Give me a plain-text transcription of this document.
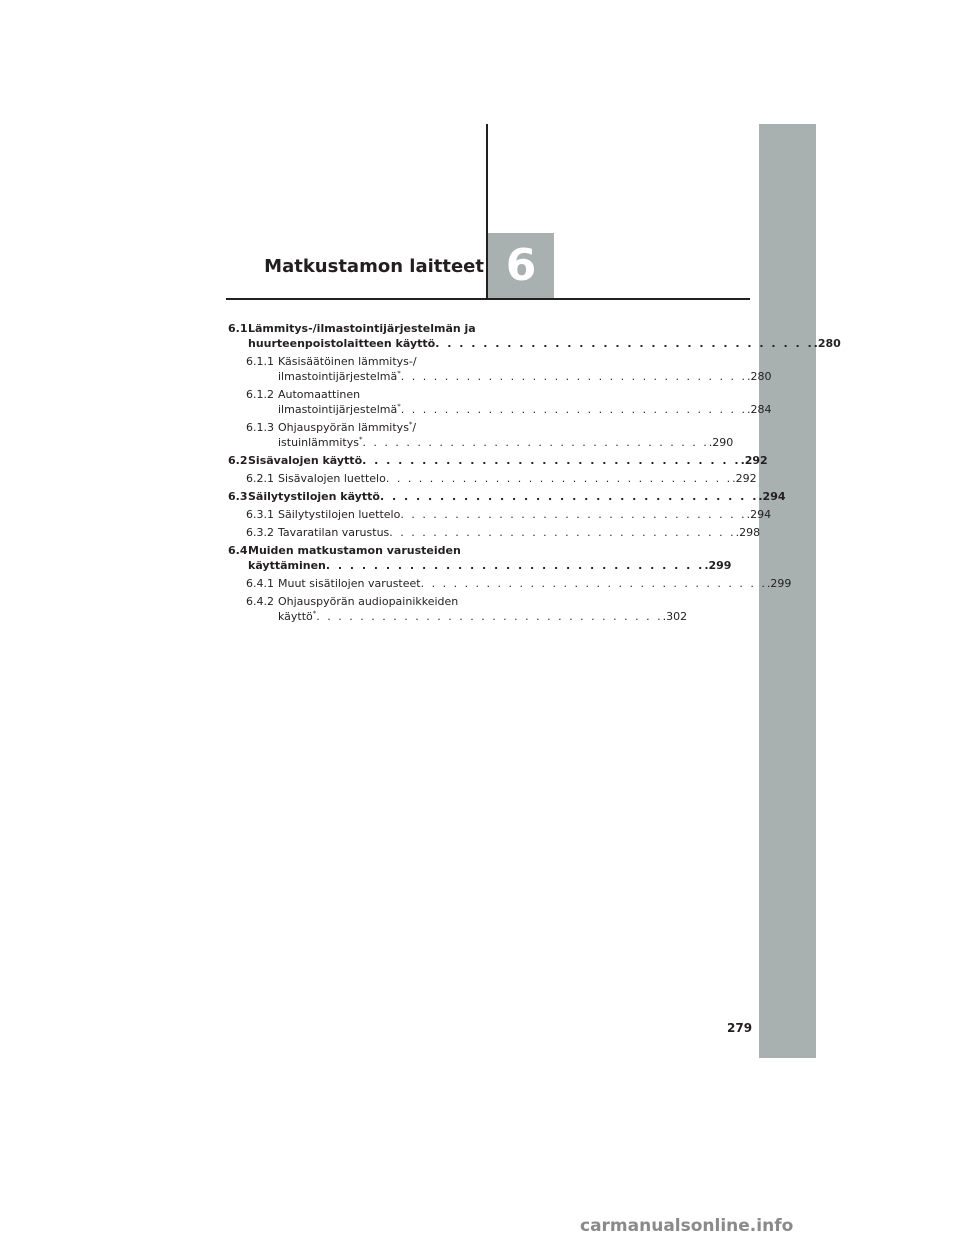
6
Matkustamon laitteet
6.1 Lämmitys-/ilmastointijärjestelmän ja
huurteenpoistolaitteen käyttö . . . . . . . . . . . . . . . . . . . . . . . . . . . . . . . . .280
6.1.1 Käsisäätöinen lämmitys-/
ilmastointijärjestelmä* . . . . . . . . . . . . . . . . . . . . . . . . . . . . . . . . .280
6.1.2 Automaattinen
ilmastointijärjestelmä* . . . . . . . . . . . . . . . . . . . . . . . . . . . . . . . . .284
6.1.3 Ohjauspyörän lämmitys*/
istuinlämmitys* . . . . . . . . . . . . . . . . . . . . . . . . . . . . . . . . .290
6.2 Sisävalojen käyttö . . . . . . . . . . . . . . . . . . . . . . . . . . . . . . . . .292
6.2.1 Sisävalojen luettelo . . . . . . . . . . . . . . . . . . . . . . . . . . . . . . . . .292
6.3 Säilytystilojen käyttö . . . . . . . . . . . . . . . . . . . . . . . . . . . . . . . . .294
6.3.1 Säilytystilojen luettelo . . . . . . . . . . . . . . . . . . . . . . . . . . . . . . . . .294
6.3.2 Tavaratilan varustus . . . . . . . . . . . . . . . . . . . . . . . . . . . . . . . . .298
6.4 Muiden matkustamon varusteiden
käyttäminen . . . . . . . . . . . . . . . . . . . . . . . . . . . . . . . . .299
6.4.1 Muut sisätilojen varusteet . . . . . . . . . . . . . . . . . . . . . . . . . . . . . . . . .299
6.4.2 Ohjauspyörän audiopainikkeiden
käyttö* . . . . . . . . . . . . . . . . . . . . . . . . . . . . . . . . .302
279
carmanualsonline.info
